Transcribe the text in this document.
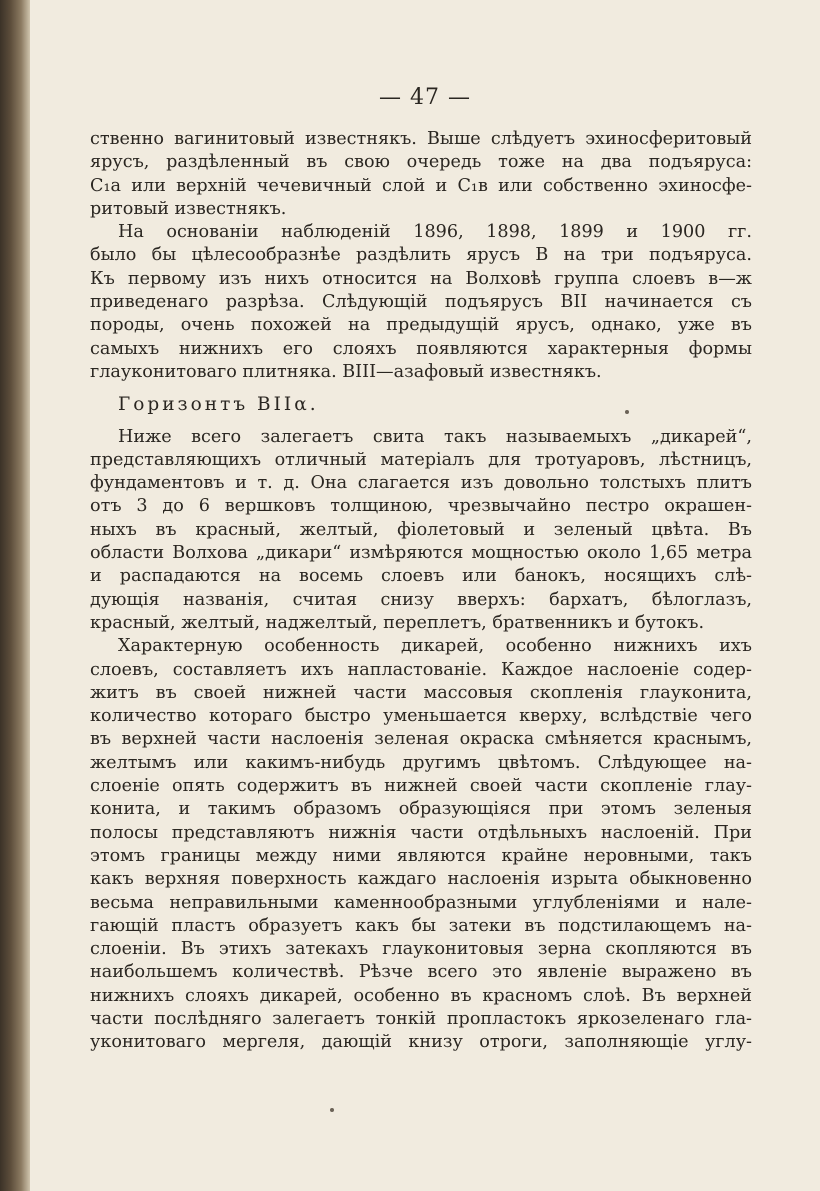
— 47 —
ственно вагинитовый известнякъ. Выше слѣдуетъ эхиносферитовый
ярусъ, раздѣленный въ свою очередь тоже на два подъяруса:
C₁a или верхній чечевичный слой и C₁в или собственно эхиносфе-
ритовый известнякъ.
На основаніи наблюденій 1896, 1898, 1899 и 1900 гг.
было бы цѣлесообразнѣе раздѣлить ярусъ B на три подъяруса.
Къ первому изъ нихъ относится на Волховѣ группа слоевъ в—ж
приведенаго разрѣза. Слѣдующій подъярусъ BII начинается съ
породы, очень похожей на предыдущій ярусъ, однако, уже въ
самыхъ нижнихъ его слояхъ появляются характерныя формы
глауконитоваго плитняка. BIII—азафовый известнякъ.
Горизонтъ BIIα.
Ниже всего залегаетъ свита такъ называемыхъ „дикарей“,
представляющихъ отличный матеріалъ для тротуаровъ, лѣстницъ,
фундаментовъ и т. д. Она слагается изъ довольно толстыхъ плитъ
отъ 3 до 6 вершковъ толщиною, чрезвычайно пестро окрашен-
ныхъ въ красный, желтый, фіолетовый и зеленый цвѣта. Въ
области Волхова „дикари“ измѣряются мощностью около 1,65 метра
и распадаются на восемь слоевъ или банокъ, носящихъ слѣ-
дующія названія, считая снизу вверхъ: бархатъ, бѣлоглазъ,
красный, желтый, наджелтый, переплетъ, братвенникъ и бутокъ.
Характерную особенность дикарей, особенно нижнихъ ихъ
слоевъ, составляетъ ихъ напластованіе. Каждое наслоеніе содер-
житъ въ своей нижней части массовыя скопленія глауконита,
количество котораго быстро уменьшается кверху, вслѣдствіе чего
въ верхней части наслоенія зеленая окраска смѣняется краснымъ,
желтымъ или какимъ-нибудь другимъ цвѣтомъ. Слѣдующее на-
слоеніе опять содержитъ въ нижней своей части скопленіе глау-
конита, и такимъ образомъ образующіяся при этомъ зеленыя
полосы представляютъ нижнія части отдѣльныхъ наслоеній. При
этомъ границы между ними являются крайне неровными, такъ
какъ верхняя поверхность каждаго наслоенія изрыта обыкновенно
весьма неправильными каменнообразными углубленіями и нале-
гающій пластъ образуетъ какъ бы затеки въ подстилающемъ на-
слоеніи. Въ этихъ затекахъ глауконитовыя зерна скопляются въ
наибольшемъ количествѣ. Рѣзче всего это явленіе выражено въ
нижнихъ слояхъ дикарей, особенно въ красномъ слоѣ. Въ верхней
части послѣдняго залегаетъ тонкій пропластокъ яркозеленаго гла-
уконитоваго мергеля, дающій книзу отроги, заполняющіе углу-
